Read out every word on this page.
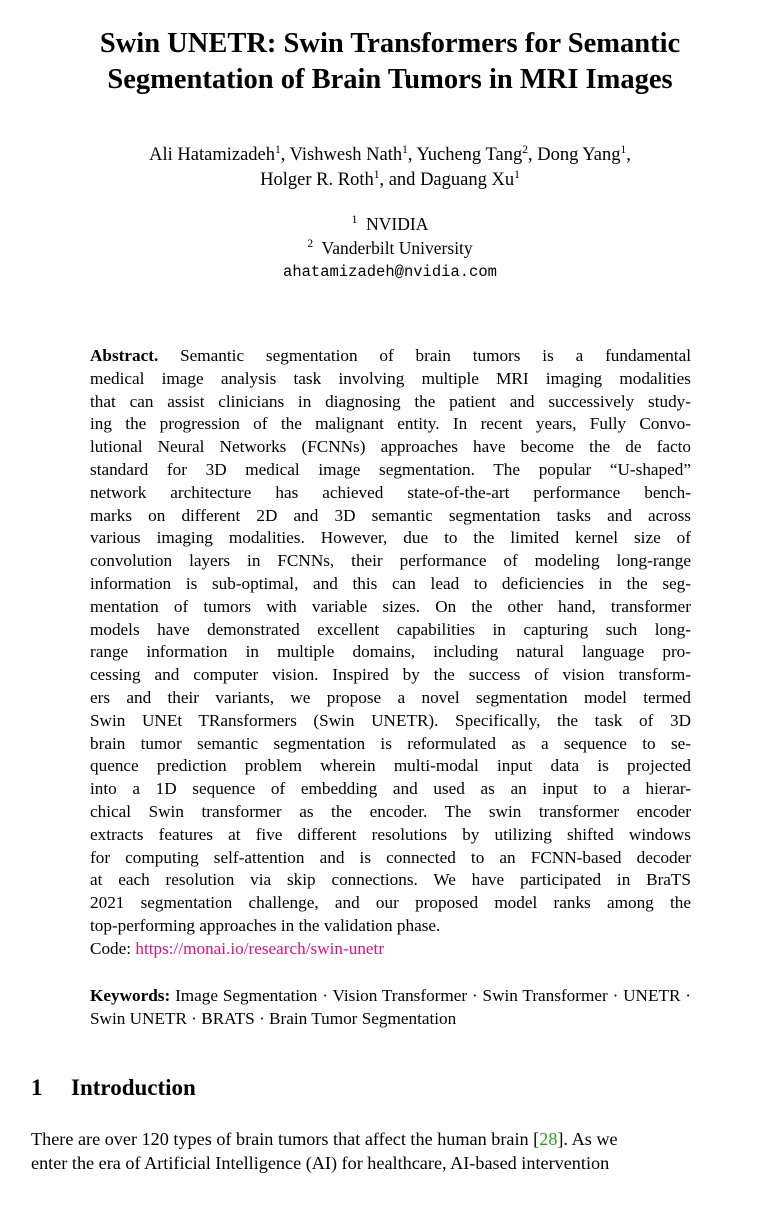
Swin UNETR: Swin Transformers for Semantic
Segmentation of Brain Tumors in MRI Images
Ali Hatamizadeh$^1$, Vishwesh Nath$^1$, Yucheng Tang$^2$, Dong Yang$^1$,
Holger R. Roth$^1$, and Daguang Xu$^1$
$^1$ NVIDIA
$^2$ Vanderbilt University
ahatamizadeh@nvidia.com
Abstract. Semantic segmentation of brain tumors is a fundamental
medical image analysis task involving multiple MRI imaging modalities
that can assist clinicians in diagnosing the patient and successively study-
ing the progression of the malignant entity. In recent years, Fully Convo-
lutional Neural Networks (FCNNs) approaches have become the de facto
standard for 3D medical image segmentation. The popular “U-shaped”
network architecture has achieved state-of-the-art performance bench-
marks on different 2D and 3D semantic segmentation tasks and across
various imaging modalities. However, due to the limited kernel size of
convolution layers in FCNNs, their performance of modeling long-range
information is sub-optimal, and this can lead to deficiencies in the seg-
mentation of tumors with variable sizes. On the other hand, transformer
models have demonstrated excellent capabilities in capturing such long-
range information in multiple domains, including natural language pro-
cessing and computer vision. Inspired by the success of vision transform-
ers and their variants, we propose a novel segmentation model termed
Swin UNEt TRansformers (Swin UNETR). Specifically, the task of 3D
brain tumor semantic segmentation is reformulated as a sequence to se-
quence prediction problem wherein multi-modal input data is projected
into a 1D sequence of embedding and used as an input to a hierar-
chical Swin transformer as the encoder. The swin transformer encoder
extracts features at five different resolutions by utilizing shifted windows
for computing self-attention and is connected to an FCNN-based decoder
at each resolution via skip connections. We have participated in BraTS
2021 segmentation challenge, and our proposed model ranks among the
top-performing approaches in the validation phase.
Code: https://monai.io/research/swin-unetr
Keywords: Image Segmentation · Vision Transformer · Swin Transformer · UNETR · Swin UNETR · BRATS · Brain Tumor Segmentation
1 Introduction
There are over 120 types of brain tumors that affect the human brain [28]. As we
enter the era of Artificial Intelligence (AI) for healthcare, AI-based intervention
